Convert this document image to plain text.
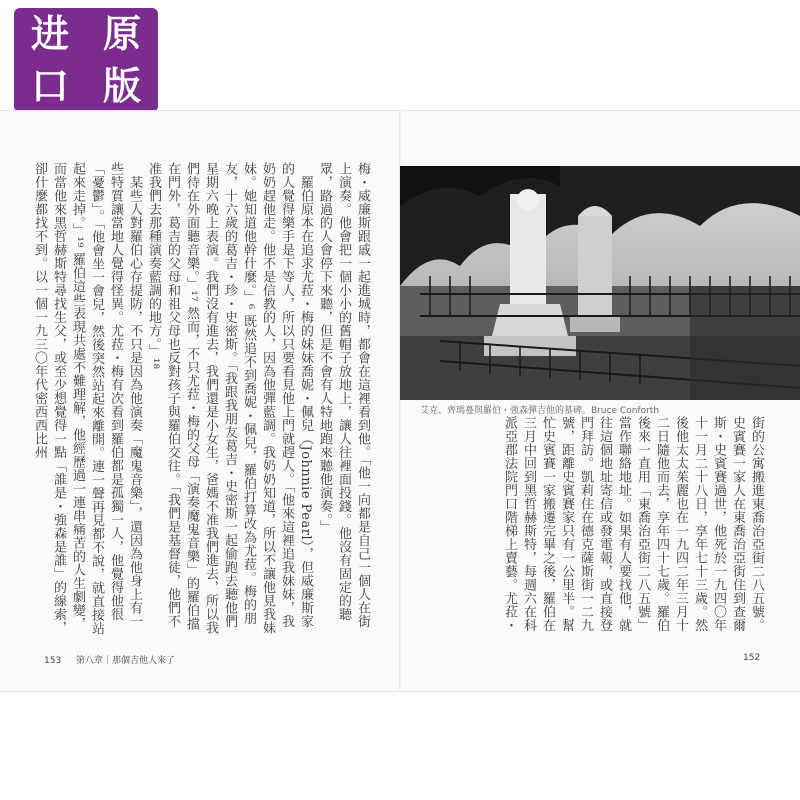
进 原
口 版
梅・威廉斯跟戚一起進城時，都會在這裡看到他。「他一向都是自己一個人在街上演奏。他會把一個小小的舊帽子放地上，讓人往裡面投錢。他沒有固定的聽眾，路過的人會停下來聽，但是不會有人特地跑來聽他演奏。」
　羅伯原本在追求尤菈・梅的妹妹喬妮・佩兒（Johnnie Pearl），但威廉斯家的人覺得樂手是下等人，所以只要看見他上門就趕人。「他來這裡追我妹妹，我奶奶趕他走。他不是信教的人，因為他彈藍調。我奶奶知道，所以不讓他見我妹妹。她知道他幹什麼。」⁶ 既然追不到喬妮・佩兒，羅伯打算改為尤菈。梅的朋友，十六歲的葛吉・珍・史密斯。「我跟我朋友葛吉・史密斯一起偷跑去聽他們星期六晚上表演。我們沒有進去，我們還是小女生，爸媽不准我們進去，所以我們待在外面聽音樂。」¹⁷ 然而，不只尤菈・梅的父母「演奏魔鬼音樂」的羅伯擋在門外，葛吉的父母和祖父母也反對孩子與羅伯交往。「我們是基督徒，他們不准我們去那種演奏藍調的地方。」¹⁸
　某些人對羅伯心存提防，不只是因為他演奏「魔鬼音樂」，還因為他身上有一些特質讓當地人覺得怪異。尤菈・梅有次看到羅伯都是孤獨一人，他覺得他很「憂鬱」。「他會坐一會兒，然後突然站起來離開。連一聲再見都不說，就直接站起來走掉。」¹⁹ 羅伯這些表現共處不難理解，他經歷過一連串痛苦的人生劇變，而當他來黑哲赫斯特尋找生父，或至少想覺得一點「誰是・強森是誰」的線索，卻什麼都找不到。以一個一九三〇年代密西西比州	艾克、齊瑪蔓與羅伯・強森彈吉他的墓碑。Bruce Conforth
街的公寓搬進東喬治亞街二八五號。史賓賽一家人在東喬治亞街住到查爾斯・史賓賽過世，他死於一九四〇年十一月二十八日，享年七十三歲。然後他太太茱麗也在一九四二年三月十二日隨他而去，享年四十七歲。羅伯後來一直用「東喬治亞街二八五號」當作聯絡地址。如果有人要找他，就往這個地址寄信或發電報，或直接登門拜訪。凱莉住在德克薩斯街一二九號，距離史賓賽家只有一公里半。幫忙史賓賽一家搬遷完畢之後，羅伯在三月中回到黑哲赫斯特，每週六在科派亞郡法院門口階梯上賣藝。尤菈・
153 　 第八章｜那個吉他人來了	152
